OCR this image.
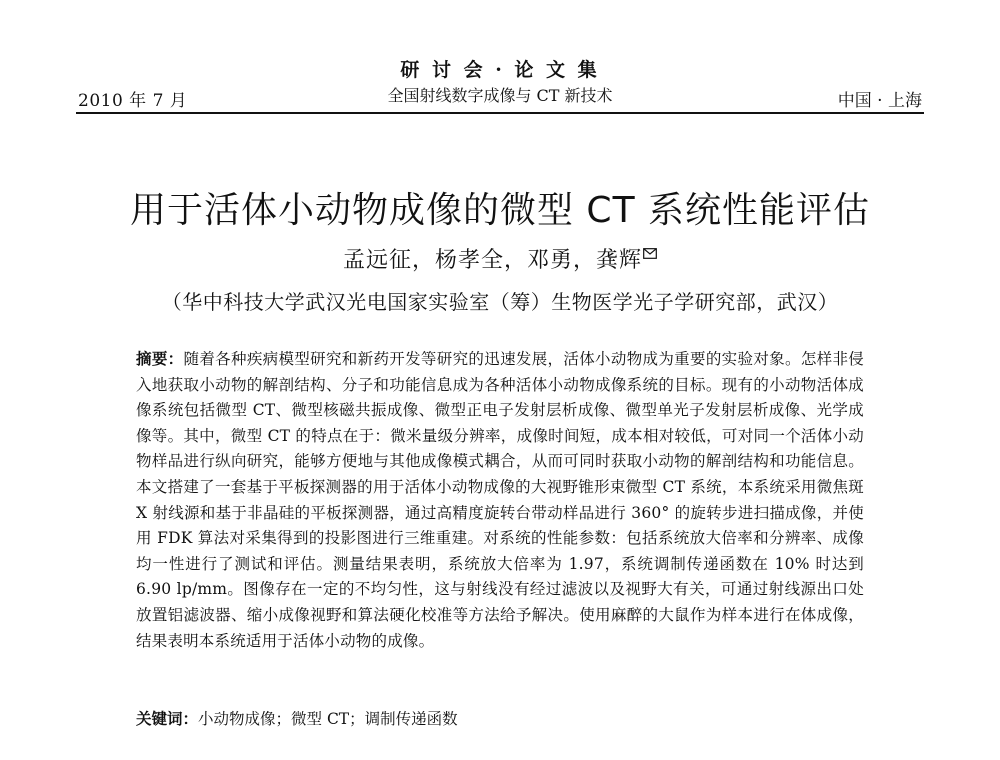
2010 年 7 月
研 讨 会 · 论 文 集
全国射线数字成像与 CT 新技术	中国 · 上海
用于活体小动物成像的微型 CT 系统性能评估
孟远征，杨孝全，邓勇，龚辉
（华中科技大学武汉光电国家实验室（筹）生物医学光子学研究部，武汉）
摘要：随着各种疾病模型研究和新药开发等研究的迅速发展，活体小动物成为重要的实验对象。怎样非侵入地获取小动物的解剖结构、分子和功能信息成为各种活体小动物成像系统的目标。现有的小动物活体成像系统包括微型 CT、微型核磁共振成像、微型正电子发射层析成像、微型单光子发射层析成像、光学成像等。其中，微型 CT 的特点在于：微米量级分辨率，成像时间短，成本相对较低，可对同一个活体小动物样品进行纵向研究，能够方便地与其他成像模式耦合，从而可同时获取小动物的解剖结构和功能信息。本文搭建了一套基于平板探测器的用于活体小动物成像的大视野锥形束微型 CT 系统，本系统采用微焦斑 X 射线源和基于非晶硅的平板探测器，通过高精度旋转台带动样品进行 360° 的旋转步进扫描成像，并使用 FDK 算法对采集得到的投影图进行三维重建。对系统的性能参数：包括系统放大倍率和分辨率、成像均一性进行了测试和评估。测量结果表明，系统放大倍率为 1.97，系统调制传递函数在 10% 时达到 6.90 lp/mm。图像存在一定的不均匀性，这与射线没有经过滤波以及视野大有关，可通过射线源出口处放置铝滤波器、缩小成像视野和算法硬化校准等方法给予解决。使用麻醉的大鼠作为样本进行在体成像，结果表明本系统适用于活体小动物的成像。
关键词：小动物成像；微型 CT；调制传递函数
